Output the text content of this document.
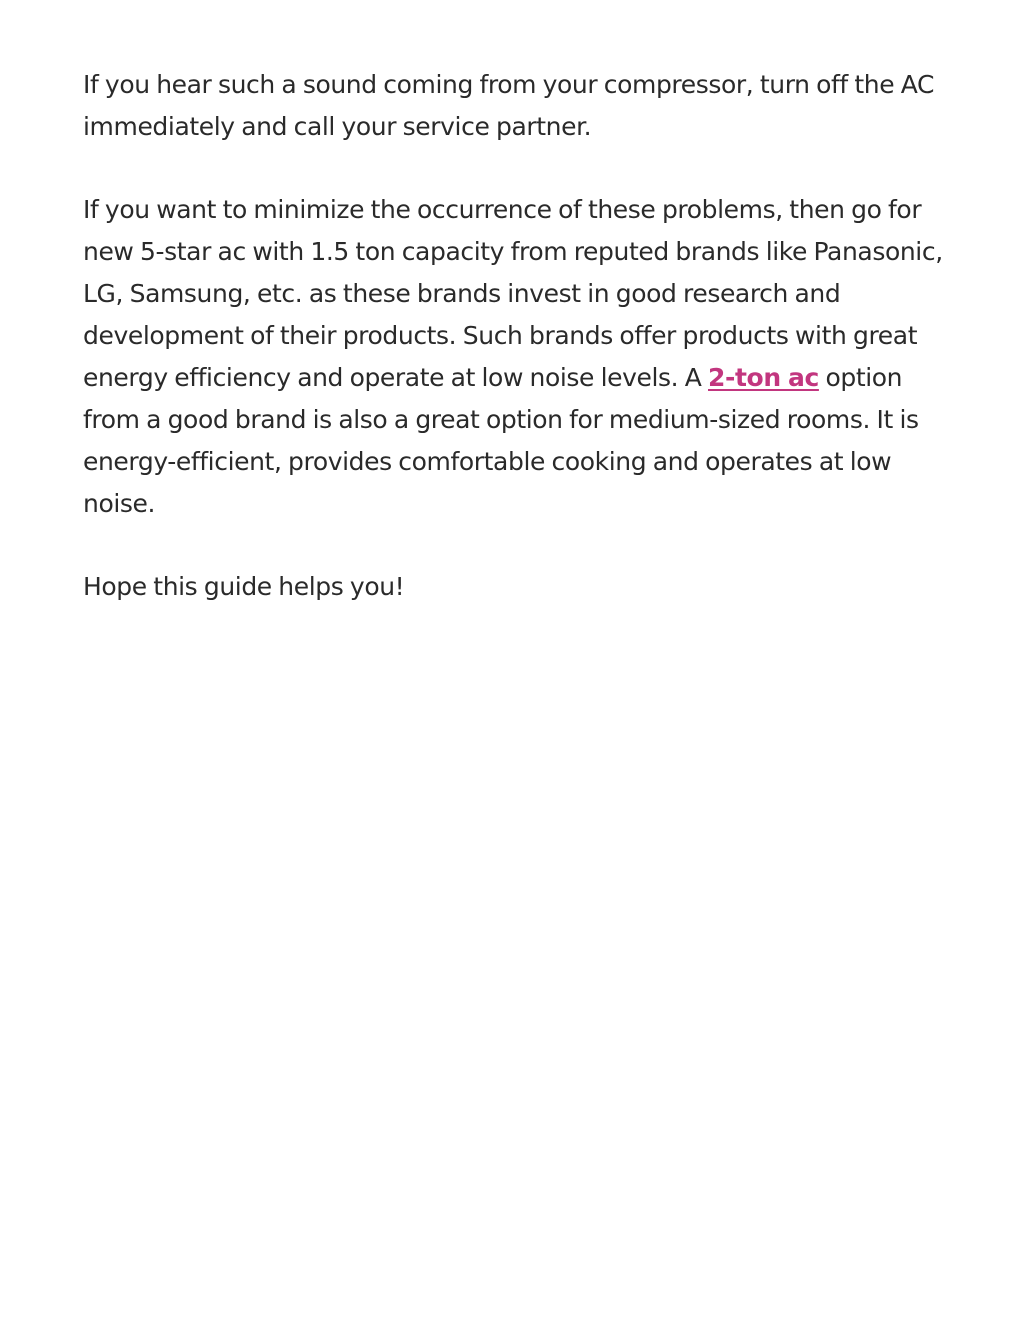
If you hear such a sound coming from your compressor, turn off the AC immediately and call your service partner.

If you want to minimize the occurrence of these problems, then go for new 5-star ac with 1.5 ton capacity from reputed brands like Panasonic, LG, Samsung, etc. as these brands invest in good research and development of their products. Such brands offer products with great energy efficiency and operate at low noise levels. A 2-ton ac option from a good brand is also a great option for medium-sized rooms. It is energy-efficient, provides comfortable cooking and operates at low noise.

Hope this guide helps you!
